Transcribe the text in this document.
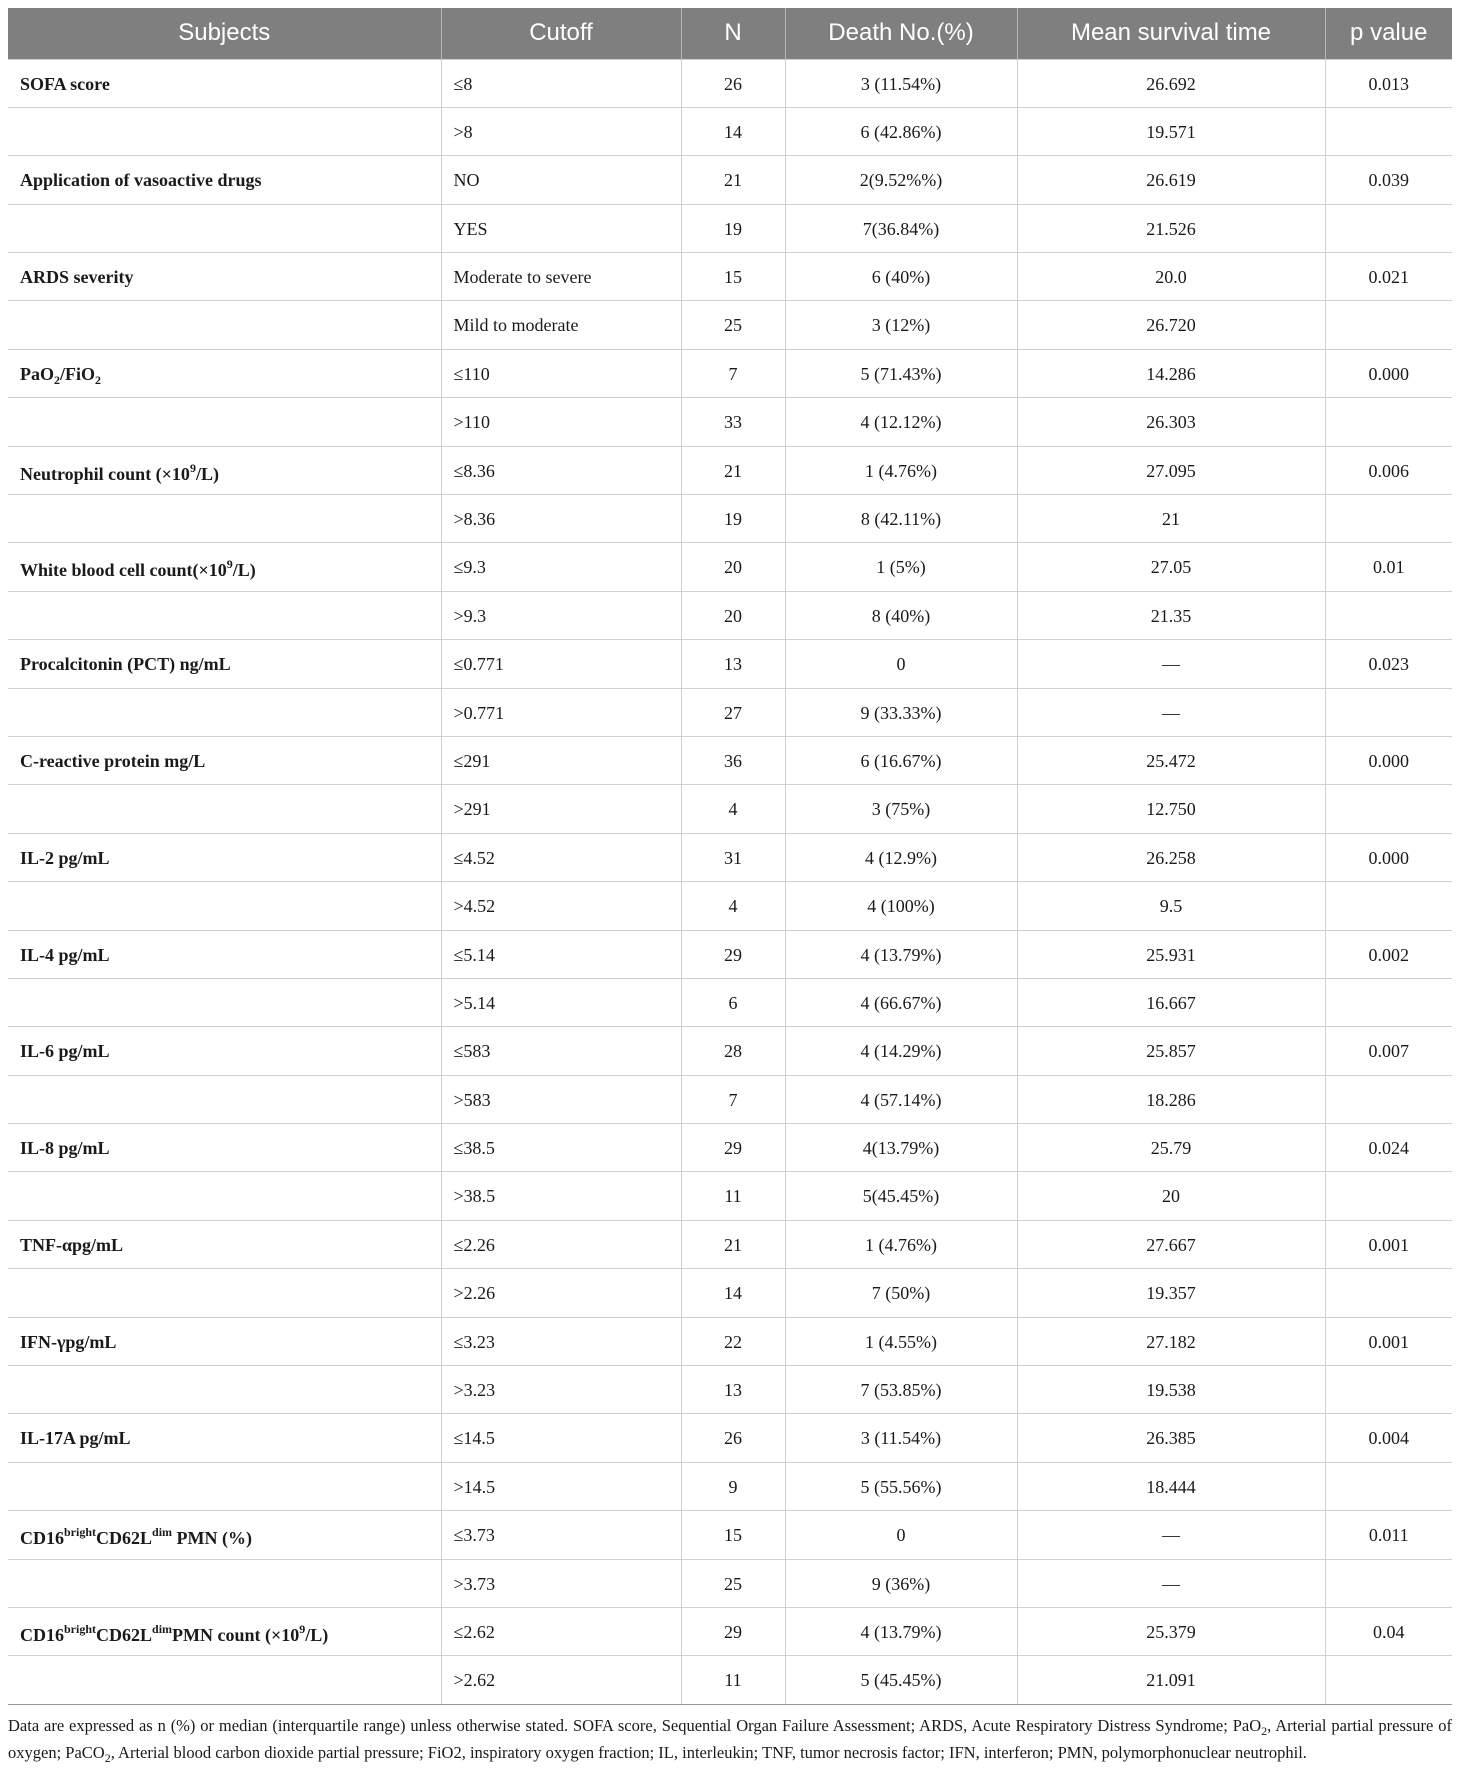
Subjects	Cutoff	N	Death No.(%)	Mean survival time	p value
SOFA score	≤8	26	3 (11.54%)	26.692	0.013
	>8	14	6 (42.86%)	19.571	
Application of vasoactive drugs	NO	21	2(9.52%%)	26.619	0.039
	YES	19	7(36.84%)	21.526	
ARDS severity	Moderate to severe	15	6 (40%)	20.0	0.021
	Mild to moderate	25	3 (12%)	26.720	
PaO$_2$/FiO$_2$	≤110	7	5 (71.43%)	14.286	0.000
	>110	33	4 (12.12%)	26.303	
Neutrophil count $(\times 10^9/L)$	≤8.36	21	1 (4.76%)	27.095	0.006
	>8.36	19	8 (42.11%)	21	
White blood cell $count(\times 10^9/L)$	≤9.3	20	1 (5%)	27.05	0.01
	>9.3	20	8 (40%)	21.35	
Procalcitonin (PCT) ng/mL	≤0.771	13	0	—	0.023
	>0.771	27	9 (33.33%)	—	
C-reactive protein mg/L	≤291	36	6 (16.67%)	25.472	0.000
	>291	4	3 (75%)	12.750	
IL-2 pg/mL	≤4.52	31	4 (12.9%)	26.258	0.000
	>4.52	4	4 (100%)	9.5	
IL-4 pg/mL	≤5.14	29	4 (13.79%)	25.931	0.002
	>5.14	6	4 (66.67%)	16.667	
IL-6 pg/mL	≤583	28	4 (14.29%)	25.857	0.007
	>583	7	4 (57.14%)	18.286	
IL-8 pg/mL	≤38.5	29	4(13.79%)	25.79	0.024
	>38.5	11	5(45.45%)	20	
TNF-αpg/mL	≤2.26	21	1 (4.76%)	27.667	0.001
	>2.26	14	7 (50%)	19.357	
IFN-γpg/mL	≤3.23	22	1 (4.55%)	27.182	0.001
	>3.23	13	7 (53.85%)	19.538	
IL-17A pg/mL	≤14.5	26	3 (11.54%)	26.385	0.004
	>14.5	9	5 (55.56%)	18.444	
$CD16^{bright}CD62L^{dim}$ PMN (%)	≤3.73	15	0	—	0.011
	>3.73	25	9 (36%)	—	
$CD16^{bright}CD62L^{dim}PMN$ count $(\times 10^9/L)$	≤2.62	29	4 (13.79%)	25.379	0.04
	>2.62	11	5 (45.45%)	21.091	
Data are expressed as n (%) or median (interquartile range) unless otherwise stated. SOFA score, Sequential Organ Failure Assessment; ARDS, Acute Respiratory Distress Syndrome; PaO$_2$, Arterial partial pressure of oxygen; PaCO$_2$, Arterial blood carbon dioxide partial pressure; FiO2, inspiratory oxygen fraction; IL, interleukin; TNF, tumor necrosis factor; IFN, interferon; PMN, polymorphonuclear neutrophil.
